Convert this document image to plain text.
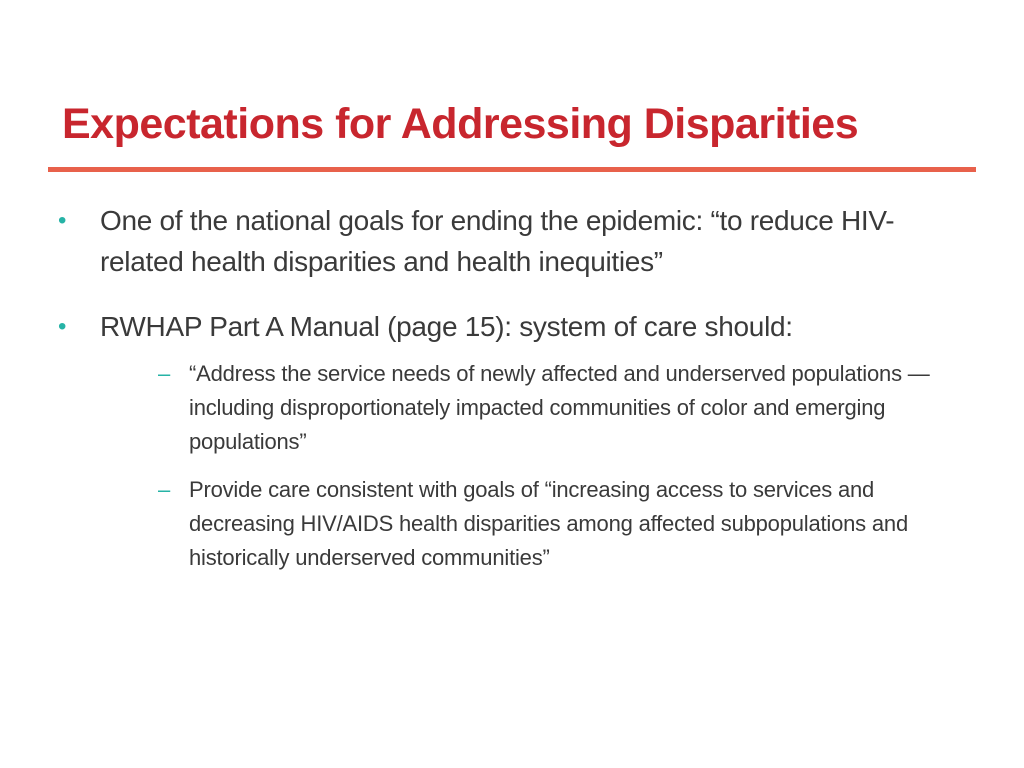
Expectations for Addressing Disparities
• One of the national goals for ending the epidemic: “to reduce HIV-related health disparities and health inequities”
• RWHAP Part A Manual (page 15): system of care should:
– “Address the service needs of newly affected and underserved populations — including disproportionately impacted communities of color and emerging populations”
– Provide care consistent with goals of “increasing access to services and decreasing HIV/AIDS health disparities among affected subpopulations and historically underserved communities”
